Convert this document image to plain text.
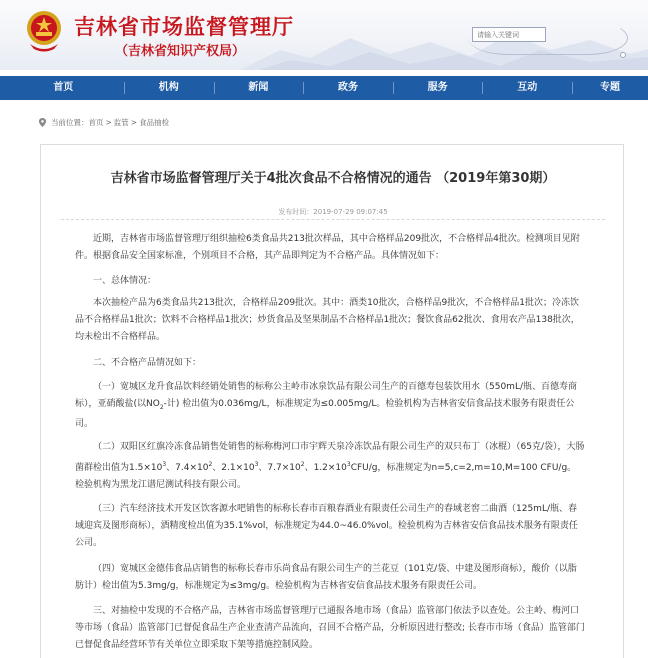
吉林省市场监督管理厅
（吉林省知识产权局）
请输入关键词
首页	机构	新闻	政务	服务	互动	专题
当前位置： 首页 > 监管 > 食品抽检
吉林省市场监督管理厅关于4批次食品不合格情况的通告 （2019年第30期）
发布时间：2019-07-29 09:07:45
近期，吉林省市场监督管理厅组织抽检6类食品共213批次样品，其中合格样品209批次，不合格样品4批次。检测项目见附件。根据食品安全国家标准，个别项目不合格，其产品即判定为不合格产品。具体情况如下：
一、总体情况：
本次抽检产品为6类食品共213批次，合格样品209批次。其中：酒类10批次，合格样品9批次，不合格样品1批次；冷冻饮品不合格样品1批次；饮料不合格样品1批次；炒货食品及坚果制品不合格样品1批次；餐饮食品62批次、食用农产品138批次，均未检出不合格样品。
二、不合格产品情况如下：
（一）宽城区龙升食品饮料经销处销售的标称公主岭市冰泉饮品有限公司生产的百德寿包装饮用水（550mL/瓶、百德寿商标），亚硝酸盐(以$NO_2-$计) 检出值为0.036mg/L，标准规定为≤0.005mg/L。检验机构为吉林省安信食品技术服务有限责任公司。
（二）双阳区红旗冷冻食品销售处销售的标称梅河口市宇辉天泉冷冻饮品有限公司生产的双只布丁（冰棍）（65克/袋），大肠菌群检出值为$1.5\times 10^3$、$7.4\times 10^2$、$2.1\times 10^3$、$7.7\times 10^2$、$1.2\times 10^3CFU/g$，标准规定为n=5,c=2,m=10,M=100 CFU/g。检验机构为黑龙江谱尼测试科技有限公司。
（三）汽车经济技术开发区饮客源水吧销售的标称长春市百粮春酒业有限责任公司生产的春域老窖二曲酒（125mL/瓶、春域迎宾及图形商标），酒精度检出值为35.1%vol，标准规定为44.0~46.0%vol。检验机构为吉林省安信食品技术服务有限责任公司。
（四）宽城区金德伟食品店销售的标称长春市乐尚食品有限公司生产的兰花豆（101克/袋、中建及图形商标），酸价（以脂肪计）检出值为5.3mg/g，标准规定为≤3mg/g。检验机构为吉林省安信食品技术服务有限责任公司。
三、对抽检中发现的不合格产品，吉林省市场监督管理厅已通报各地市场（食品）监管部门依法予以查处。公主岭、梅河口等市场（食品）监管部门已督促食品生产企业查清产品流向，召回不合格产品，分析原因进行整改; 长春市市场（食品）监管部门已督促食品经营环节有关单位立即采取下架等措施控制风险。
